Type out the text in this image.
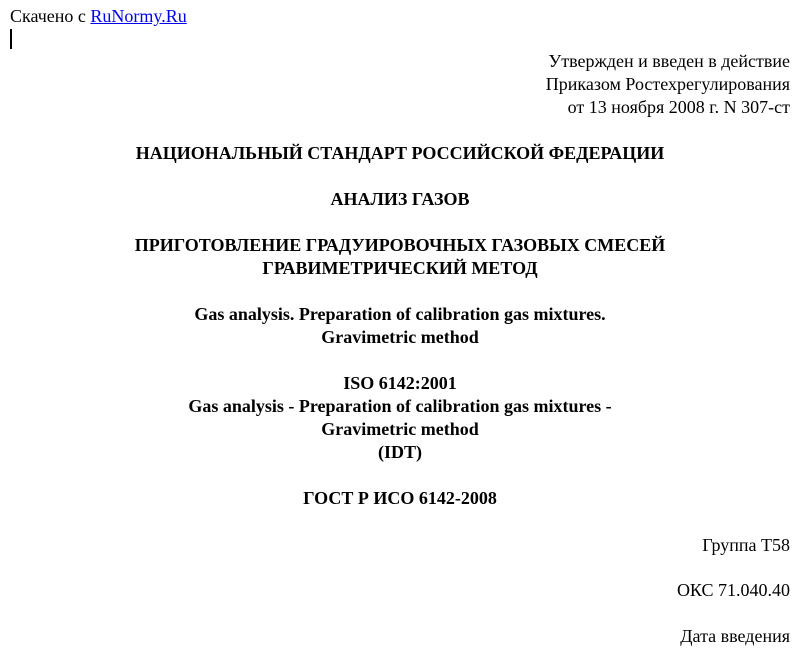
Скачено с RuNormy.Ru
Утвержден и введен в действие
Приказом Ростехрегулирования
от 13 ноября 2008 г. N 307-ст
НАЦИОНАЛЬНЫЙ СТАНДАРТ РОССИЙСКОЙ ФЕДЕРАЦИИ
АНАЛИЗ ГАЗОВ
ПРИГОТОВЛЕНИЕ ГРАДУИРОВОЧНЫХ ГАЗОВЫХ СМЕСЕЙ
ГРАВИМЕТРИЧЕСКИЙ МЕТОД
Gas analysis. Preparation of calibration gas mixtures.
Gravimetric method
ISO 6142:2001
Gas analysis - Preparation of calibration gas mixtures -
Gravimetric method
(IDT)
ГОСТ Р ИСО 6142-2008
Группа T58
ОКС 71.040.40
Дата введения
